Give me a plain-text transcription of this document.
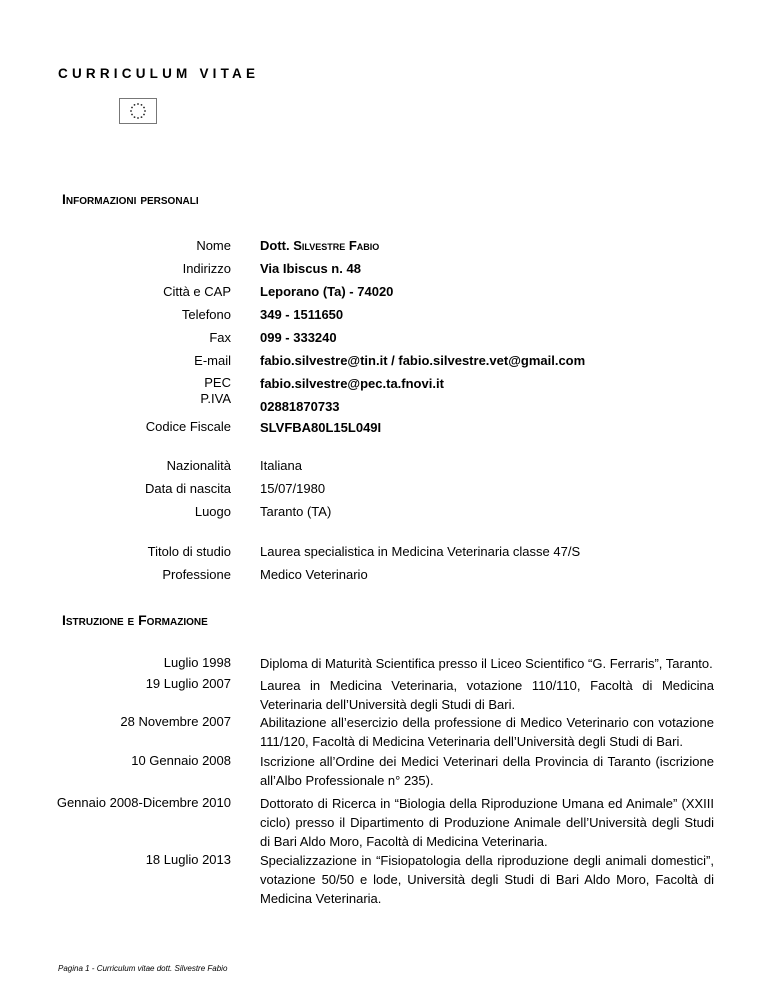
CURRICULUM VITAE
Informazioni personali
Nome
Indirizzo
Città e CAP
Telefono
Fax
E-mail
PEC
P.IVA
Codice Fiscale
Nazionalità
Data di nascita
Luogo
Titolo di studio
Professione
Dott. Silvestre Fabio
Via Ibiscus n. 48
Leporano (Ta) - 74020
349 - 1511650
099 - 333240
fabio.silvestre@tin.it / fabio.silvestre.vet@gmail.com
fabio.silvestre@pec.ta.fnovi.it
02881870733
SLVFBA80L15L049I
Italiana
15/07/1980
Taranto (TA)
Laurea specialistica in Medicina Veterinaria classe 47/S
Medico Veterinario
Istruzione e Formazione
Luglio 1998
19 Luglio 2007
28 Novembre 2007
10 Gennaio 2008
Gennaio 2008-Dicembre 2010
18 Luglio 2013
Diploma di Maturità Scientifica presso il Liceo Scientifico “G. Ferraris”, Taranto.
Laurea in Medicina Veterinaria, votazione 110/110, Facoltà di Medicina Veterinaria dell’Università degli Studi di Bari.
Abilitazione all’esercizio della professione di Medico Veterinario con votazione 111/120, Facoltà di Medicina Veterinaria dell’Università degli Studi di Bari.
Iscrizione all’Ordine dei Medici Veterinari della Provincia di Taranto (iscrizione all’Albo Professionale n° 235).
Dottorato di Ricerca in “Biologia della Riproduzione Umana ed Animale” (XXIII ciclo) presso il Dipartimento di Produzione Animale dell’Università degli Studi di Bari Aldo Moro, Facoltà di Medicina Veterinaria.
Specializzazione in “Fisiopatologia della riproduzione degli animali domestici”, votazione 50/50 e lode, Università degli Studi di Bari Aldo Moro, Facoltà di Medicina Veterinaria.
Pagina 1 - Curriculum vitae dott. Silvestre Fabio
